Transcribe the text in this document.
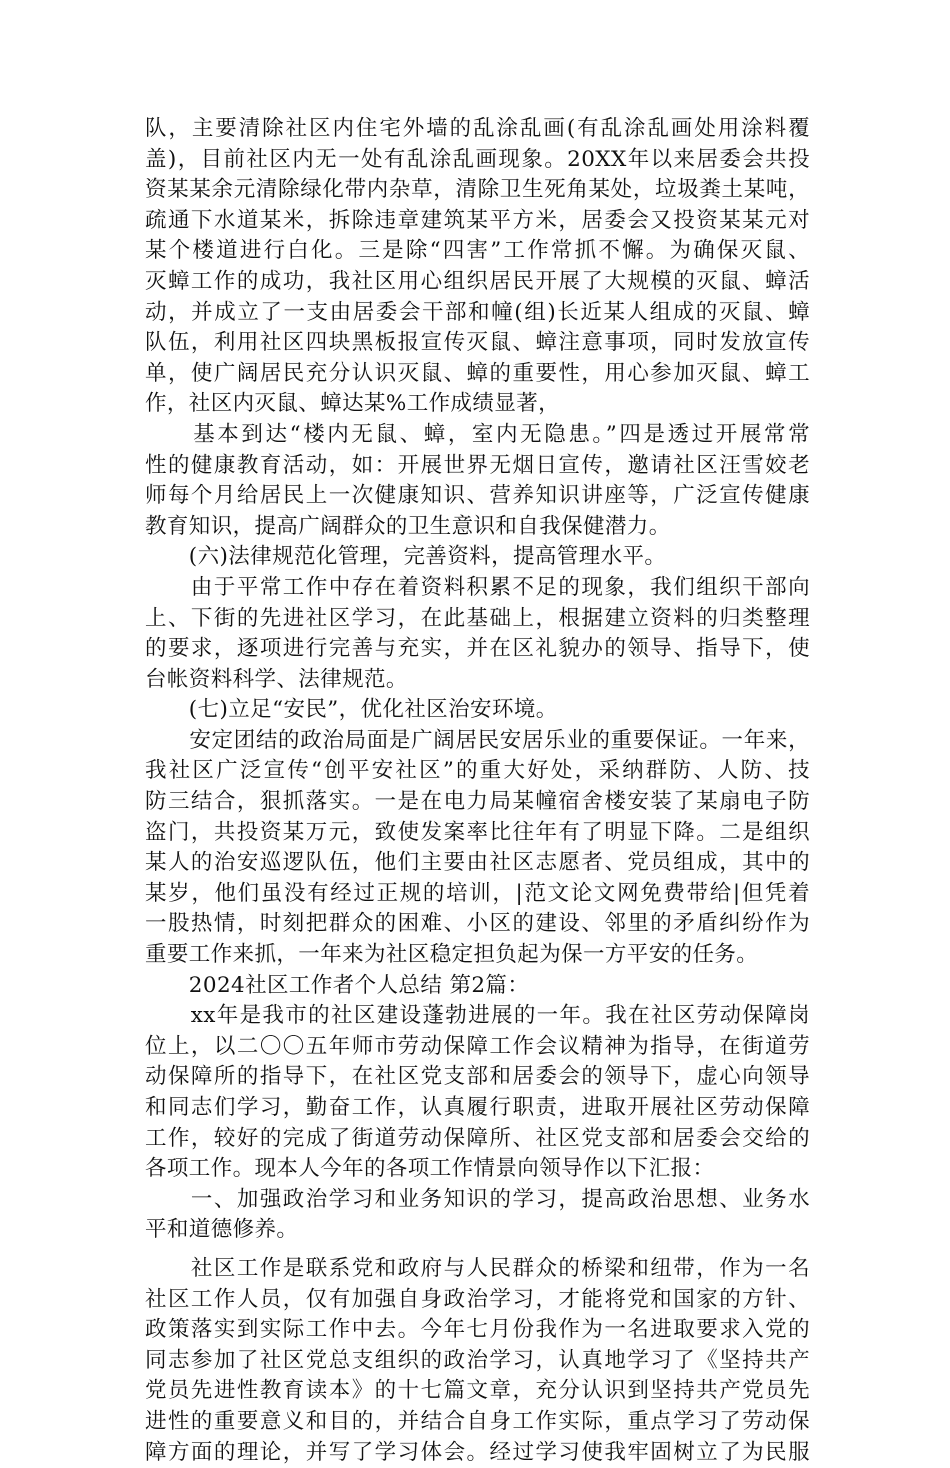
队，主要清除社区内住宅外墙的乱涂乱画(有乱涂乱画处用涂料覆
盖)，目前社区内无一处有乱涂乱画现象。20XX年以来居委会共投
资某某余元清除绿化带内杂草，清除卫生死角某处，垃圾粪土某吨，
疏通下水道某米，拆除违章建筑某平方米，居委会又投资某某元对
某个楼道进行白化。三是除“四害”工作常抓不懈。为确保灭鼠、
灭蟑工作的成功，我社区用心组织居民开展了大规模的灭鼠、蟑活
动，并成立了一支由居委会干部和幢(组)长近某人组成的灭鼠、蟑
队伍，利用社区四块黑板报宣传灭鼠、蟑注意事项，同时发放宣传
单，使广阔居民充分认识灭鼠、蟑的重要性，用心参加灭鼠、蟑工
作，社区内灭鼠、蟑达某%工作成绩显著，
　　基本到达“楼内无鼠、蟑，室内无隐患。”四是透过开展常常
性的健康教育活动，如：开展世界无烟日宣传，邀请社区汪雪姣老
师每个月给居民上一次健康知识、营养知识讲座等，广泛宣传健康
教育知识，提高广阔群众的卫生意识和自我保健潜力。
　　(六)法律规范化管理，完善资料，提高管理水平。
　　由于平常工作中存在着资料积累不足的现象，我们组织干部向
上、下街的先进社区学习，在此基础上，根据建立资料的归类整理
的要求，逐项进行完善与充实，并在区礼貌办的领导、指导下，使
台帐资料科学、法律规范。
　　(七)立足“安民”，优化社区治安环境。
　　安定团结的政治局面是广阔居民安居乐业的重要保证。一年来，
我社区广泛宣传“创平安社区”的重大好处，采纳群防、人防、技
防三结合，狠抓落实。一是在电力局某幢宿舍楼安装了某扇电子防
盗门，共投资某万元，致使发案率比往年有了明显下降。二是组织
某人的治安巡逻队伍，他们主要由社区志愿者、党员组成，其中的
某岁，他们虽没有经过正规的培训，|范文论文网免费带给|但凭着
一股热情，时刻把群众的困难、小区的建设、邻里的矛盾纠纷作为
重要工作来抓，一年来为社区稳定担负起为保一方平安的任务。
　　2024社区工作者个人总结 第2篇：
　　xx年是我市的社区建设蓬勃进展的一年。我在社区劳动保障岗
位上，以二〇〇五年师市劳动保障工作会议精神为指导，在街道劳
动保障所的指导下，在社区党支部和居委会的领导下，虚心向领导
和同志们学习，勤奋工作，认真履行职责，进取开展社区劳动保障
工作，较好的完成了街道劳动保障所、社区党支部和居委会交给的
各项工作。现本人今年的各项工作情景向领导作以下汇报：
　　一、加强政治学习和业务知识的学习，提高政治思想、业务水
平和道德修养。
　　社区工作是联系党和政府与人民群众的桥梁和纽带，作为一名
社区工作人员，仅有加强自身政治学习，才能将党和国家的方针、
政策落实到实际工作中去。今年七月份我作为一名进取要求入党的
同志参加了社区党总支组织的政治学习，认真地学习了《坚持共产
党员先进性教育读本》的十七篇文章，充分认识到坚持共产党员先
进性的重要意义和目的，并结合自身工作实际，重点学习了劳动保
障方面的理论，并写了学习体会。经过学习使我牢固树立了为民服
